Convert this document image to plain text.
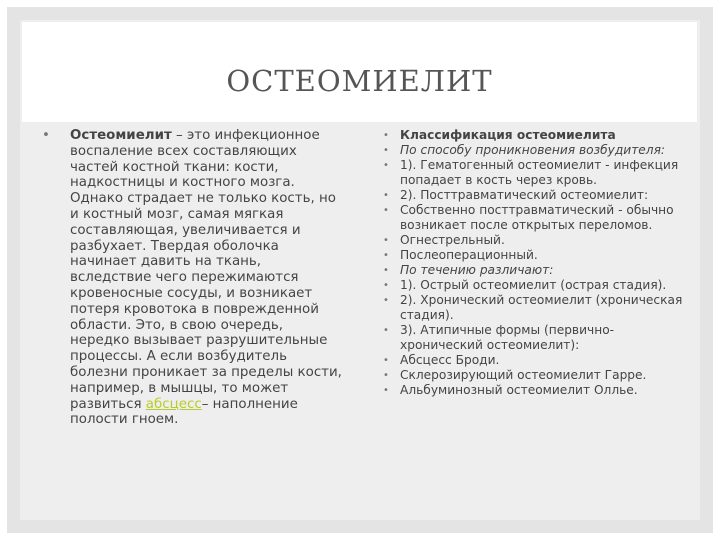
ОСТЕОМИЕЛИТ
•	Остеомиелит – это инфекционное воспаление всех составляющих частей костной ткани: кости, надкостницы и костного мозга. Однако страдает не только кость, но и костный мозг, самая мягкая составляющая, увеличивается и разбухает. Твердая оболочка начинает давить на ткань, вследствие чего пережимаются кровеносные сосуды, и возникает потеря кровотока в поврежденной области. Это, в свою очередь, нередко вызывает разрушительные процессы. А если возбудитель болезни проникает за пределы кости, например, в мышцы, то может развиться абсцесс– наполнение полости гноем.
• Классификация остеомиелита
• По способу проникновения возбудителя:
• 1). Гематогенный остеомиелит - инфекция попадает в кость через кровь.
• 2). Посттравматический остеомиелит:
• Собственно посттравматический - обычно возникает после открытых переломов.
• Огнестрельный.
• Послеоперационный.
• По течению различают:
• 1). Острый остеомиелит (острая стадия).
• 2). Хронический остеомиелит (хроническая стадия).
• 3). Атипичные формы (первично-хронический остеомиелит):
• Абсцесс Броди.
• Склерозирующий остеомиелит Гарре.
• Альбуминозный остеомиелит Оллье.
